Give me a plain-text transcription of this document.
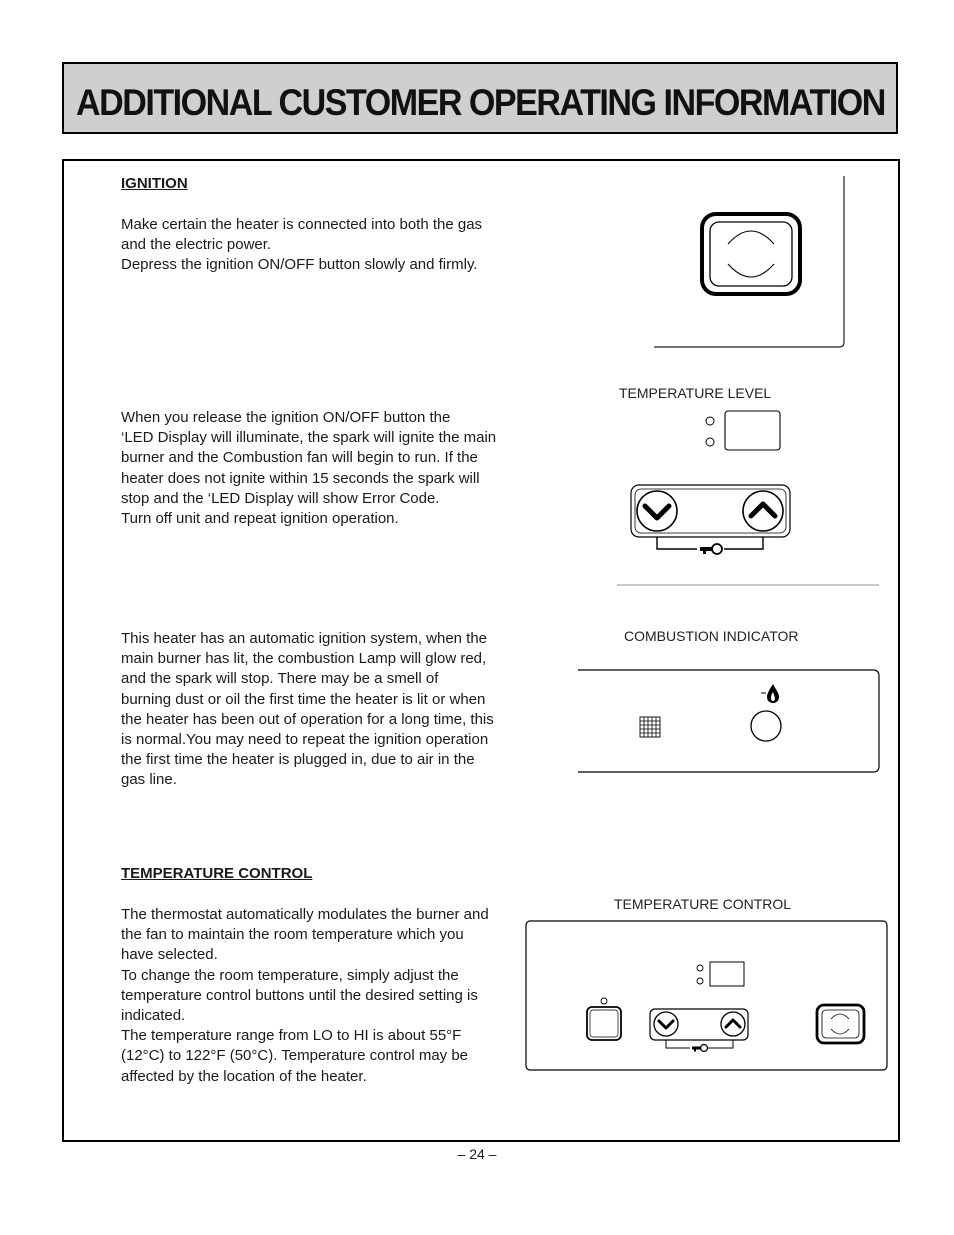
ADDITIONAL CUSTOMER OPERATING INFORMATION

IGNITION

Make certain the heater is connected into both the gas
and the electric power.
Depress the ignition ON/OFF button slowly and firmly.
When you release the ignition ON/OFF button the
‘LED Display will illuminate, the spark will ignite the main
burner and the Combustion fan will begin to run. If the
heater does not ignite within 15 seconds the spark will
stop and the ‘LED Display will show Error Code.
Turn off unit and repeat ignition operation.
This heater has an automatic ignition system, when the
main burner has lit, the combustion Lamp will glow red,
and the spark will stop. There may be a smell of
burning dust or oil the first time the heater is lit or when
the heater has been out of operation for a long time, this
is normal.You may need to repeat the ignition operation
the first time the heater is plugged in, due to air in the
gas line.

TEMPERATURE CONTROL

The thermostat automatically modulates the burner and
the fan to maintain the room temperature which you
have selected.
To change the room temperature, simply adjust the
temperature control buttons until the desired setting is
indicated.
The temperature range from LO to HI is about 55°F
(12°C) to 122°F (50°C). Temperature control may be
affected by the location of the heater.

TEMPERATURE LEVEL

COMBUSTION INDICATOR

TEMPERATURE CONTROL

– 24 –
